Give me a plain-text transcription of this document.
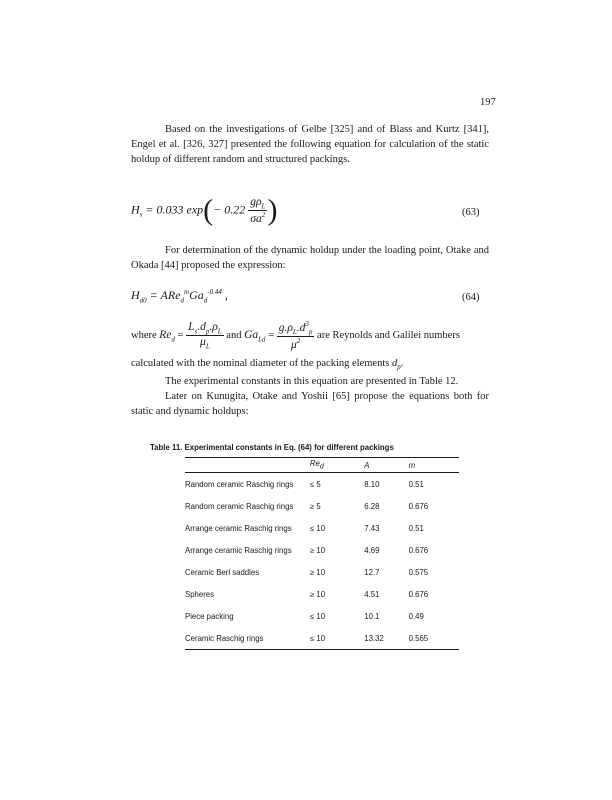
197

Based on the investigations of Gelbe [325] and of Blass and Kurtz [341], Engel et al. [326, 327] presented the following equation for calculation of the static holdup of different random and structured packings.

$H_s = 0.033$ $\exp(- 0.22 \frac{g\rho_L}{\sigma a^2}$ )	(63)

For determination of the dynamic holdup under the loading point, Otake and Okada [44] proposed the expression:

$H_{d0} = ARe_d^mGa_d^{-0.44}$ ,	(64)
where $Re_d = \frac{L_s.d_p.\rho_L}{\mu_L}$ and $Ga_{Ld} = \frac{g.\rho_L.d^3_p}{\mu^2}$ are Reynolds and Galilei numbers
calculated with the nominal diameter of the packing elements $d_p$.

The experimental constants in this equation are presented in Table 12.

Later on Kunugita, Otake and Yoshii [65] propose the equations both for static and dynamic holdups:

Table 11. Experimental constants in Eq. (64) for different packings
	$Re_d$	A	m
Random ceramic Raschig rings	≤ 5	8.10	0.51
Random ceramic Raschig rings	≥ 5	6.28	0.676
Arrange ceramic Raschig rings	≤ 10	7.43	0.51
Arrange ceramic Raschig rings	≥ 10	4.69	0.676
Ceramic Berl saddles	≥ 10	12.7	0.575
Spheres	≥ 10	4.51	0.676
Piece packing	≤ 10	10.1	0.49
Ceramic Raschig rings	≤ 10	13.32	0.565
